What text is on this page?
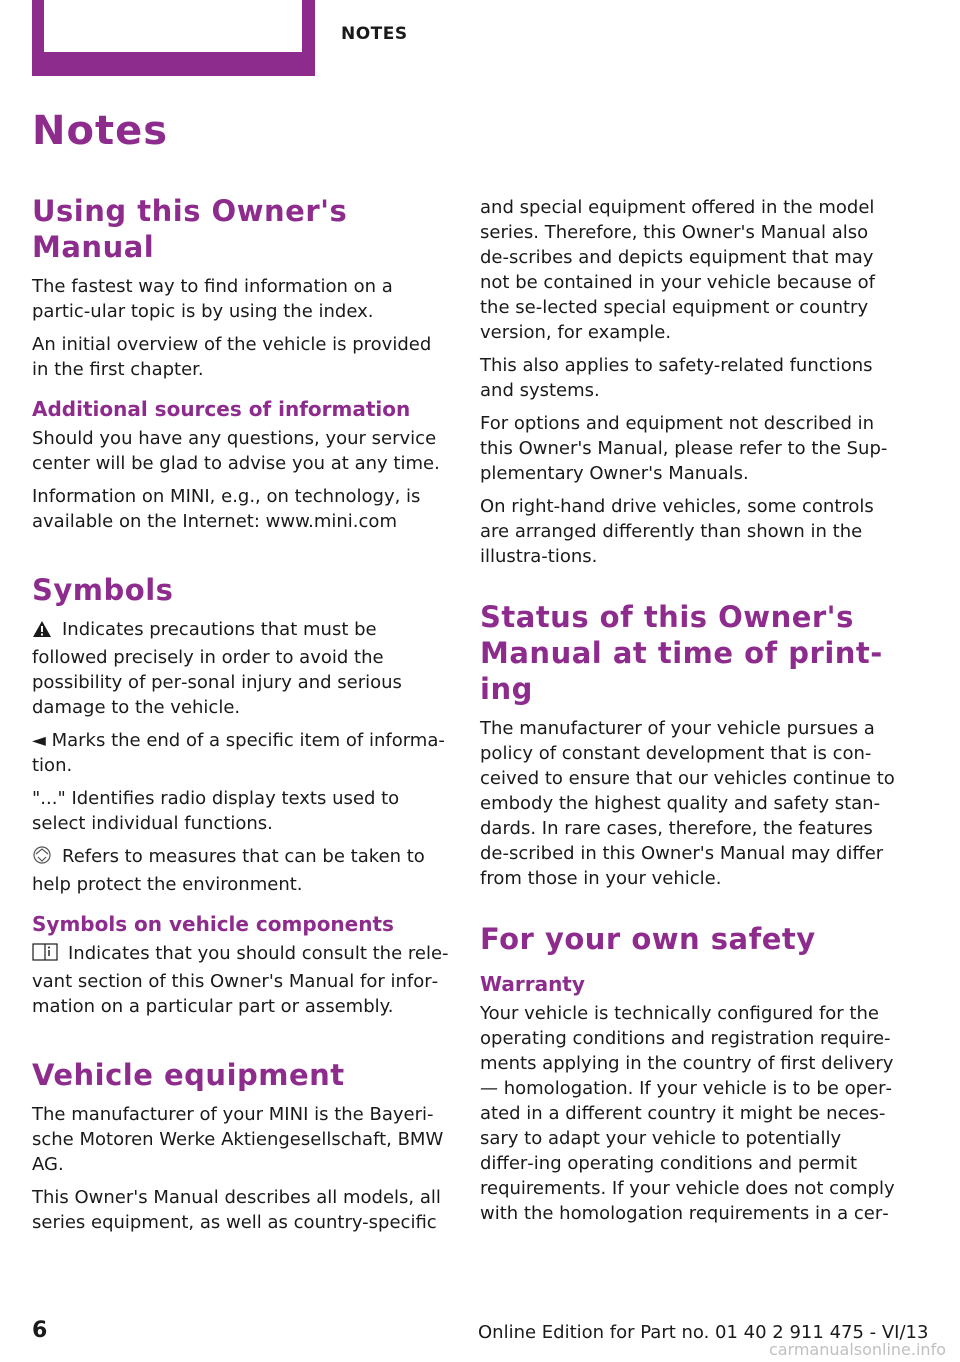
NOTES
Notes
Using this Owner's Manual

The fastest way to find information on a partic‐ular topic is by using the index.

An initial overview of the vehicle is provided in the first chapter.

Additional sources of information

Should you have any questions, your service center will be glad to advise you at any time.

Information on MINI, e.g., on technology, is available on the Internet: www.mini.com

Symbols

Indicates precautions that must be followed precisely in order to avoid the possibility of per‐sonal injury and serious damage to the vehicle.

◄ Marks the end of a specific item of informa‐tion.

"..." Identifies radio display texts used to select individual functions.

Refers to measures that can be taken to help protect the environment.

Symbols on vehicle components

Indicates that you should consult the rele‐vant section of this Owner's Manual for infor‐mation on a particular part or assembly.

Vehicle equipment

The manufacturer of your MINI is the Bayeri‐sche Motoren Werke Aktiengesellschaft, BMW AG.

This Owner's Manual describes all models, all series equipment, as well as country-specific

and special equipment offered in the model series. Therefore, this Owner's Manual also de‐scribes and depicts equipment that may not be contained in your vehicle because of the se‐lected special equipment or country version, for example.

This also applies to safety-related functions and systems.

For options and equipment not described in this Owner's Manual, please refer to the Sup‐plementary Owner's Manuals.

On right-hand drive vehicles, some controls are arranged differently than shown in the illustra‐tions.

Status of this Owner's Manual at time of print‐ing

The manufacturer of your vehicle pursues a policy of constant development that is con‐ceived to ensure that our vehicles continue to embody the highest quality and safety stan‐dards. In rare cases, therefore, the features de‐scribed in this Owner's Manual may differ from those in your vehicle.

For your own safety
Warranty

Your vehicle is technically configured for the operating conditions and registration require‐ments applying in the country of first delivery — homologation. If your vehicle is to be oper‐ated in a different country it might be neces‐sary to adapt your vehicle to potentially differ‐ing operating conditions and permit requirements. If your vehicle does not comply with the homologation requirements in a cer‐

6	Online Edition for Part no. 01 40 2 911 475 - VI/13
carmanualsonline.info
